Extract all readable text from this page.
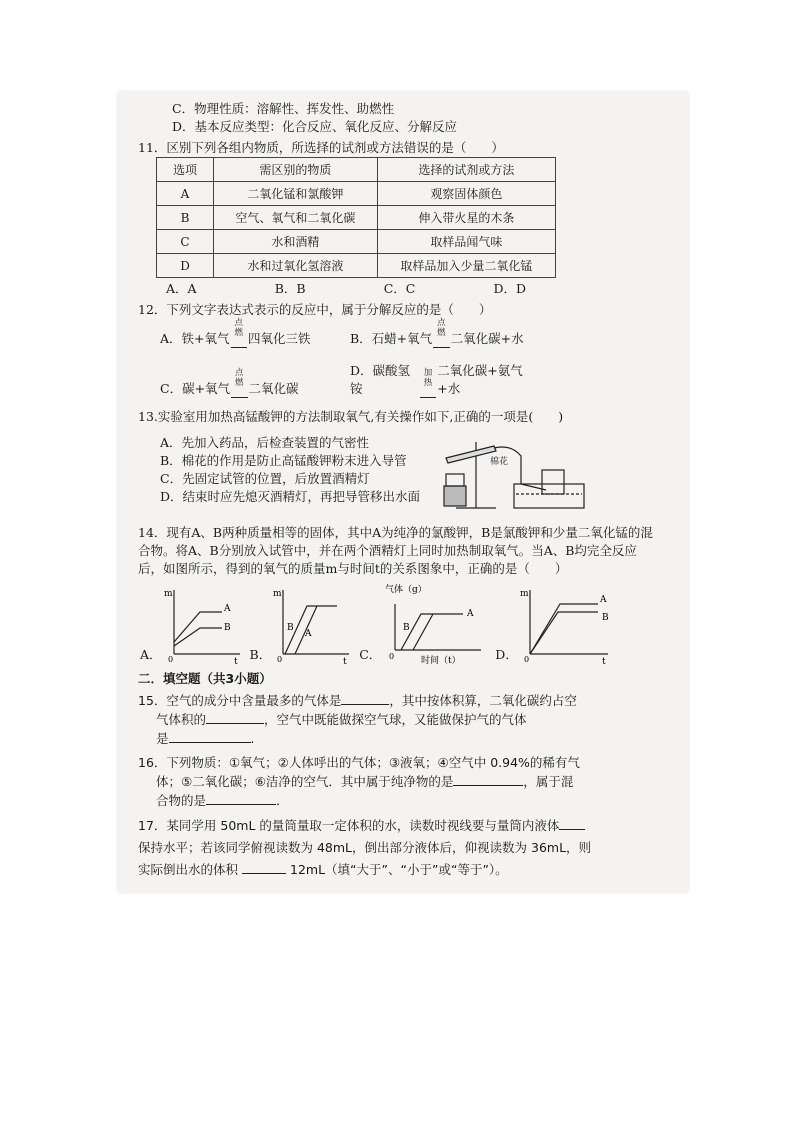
C．物理性质：溶解性、挥发性、助燃性
D．基本反应类型：化合反应、氧化反应、分解反应
11．区别下列各组内物质，所选择的试剂或方法错误的是（　　）
选项	需区别的物质	选择的试剂或方法
A	二氧化锰和氯酸钾	观察固体颜色
B	空气、氧气和二氧化碳	伸入带火星的木条
C	水和酒精	取样品闻气味
D	水和过氧化氢溶液	取样品加入少量二氧化锰
A．A	B．B	C．C	D．D
12．下列文字表达式表示的反应中，属于分解反应的是（　　）
A．铁+氧气
点燃
  四氧化三铁	B．石蜡+氧气
点燃
  二氧化碳+水
C．碳+氧气
点燃
  二氧化碳
D．碳酸氢铵
加热

二氧化碳+氨气+水
13.实验室用加热高锰酸钾的方法制取氧气,有关操作如下,正确的一项是(　　)
A．先加入药品，后检查装置的气密性
B．棉花的作用是防止高锰酸钾粉末进入导管
C．先固定试管的位置，后放置酒精灯
D．结束时应先熄灭酒精灯，再把导管移出水面
棉花
14．现有A、B两种质量相等的固体，其中A为纯净的氯酸钾，B是氯酸钾和少量二氧化锰的混合物。将A、B分别放入试管中，并在两个酒精灯上同时加热制取氧气。当A、B均完全反应后，如图所示，得到的氧气的质量m与时间t的关系图象中，正确的是（　　）
A．
m
t
0
A
B
B．
m
t
0
B
A
C．
气体（g）
时间（t）
0
B
A
D．
m
t
0
A
B
二．填空题（共3小题）
15．空气的成分中含量最多的气体是	，其中按体积算，二氧化碳约占空
气体积的	，空气中既能做探空气球，又能做保护气的气体
是	.
16．下列物质：①氧气；②人体呼出的气体；③液氧；④空气中 0.94%的稀有气
体；⑤二氧化碳；⑥洁净的空气．其中属于纯净物的是	，属于混
合物的是	．
17．某同学用 50mL 的量筒量取一定体积的水，读数时视线要与量筒内液体
保持水平；若该同学俯视读数为 48mL，倒出部分液体后，仰视读数为 36mL，则
实际倒出水的体积	12mL（填“大于”、“小于”或“等于”）。
